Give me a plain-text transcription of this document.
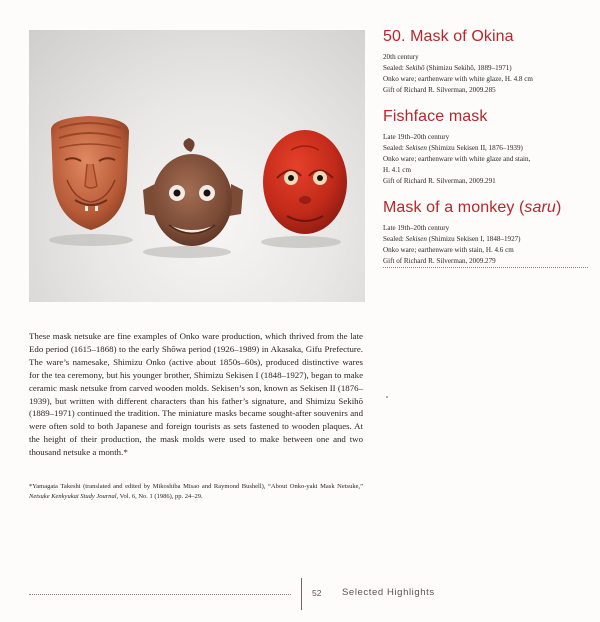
50. Mask of Okina

20th century

Sealed: Sekihō (Shimizu Sekihō, 1889–1971)

Onko ware; earthenware with white glaze, H. 4.8 cm

Gift of Richard R. Silverman, 2009.285

Fishface mask

Late 19th–20th century

Sealed: Sekisen (Shimizu Sekisen II, 1876–1939)

Onko ware; earthenware with white glaze and stain,

H. 4.1 cm

Gift of Richard R. Silverman, 2009.291

Mask of a monkey (saru)

Late 19th–20th century

Sealed: Sekisen (Shimizu Sekisen I, 1848–1927)

Onko ware; earthenware with stain, H. 4.6 cm

Gift of Richard R. Silverman, 2009.279

These mask netsuke are fine examples of Onko ware production, which thrived from the late Edo period (1615–1868) to the early Shōwa period (1926–1989) in Akasaka, Gifu Prefecture. The ware’s namesake, Shimizu Onko (active about 1850s–60s), produced distinctive wares for the tea ceremony, but his younger brother, Shimizu Sekisen I (1848–1927), began to make ceramic mask netsuke from carved wooden molds. Sekisen’s son, known as Sekisen II (1876–1939), but written with different characters than his father’s signature, and Shimizu Sekihō (1889–1971) continued the tradition. The miniature masks became sought-after souvenirs and were often sold to both Japanese and foreign tourists as sets fastened to wooden plaques. At the height of their production, the mask molds were used to make between one and two thousand netsuke a month.*

*Yamagata Takeshi (translated and edited by Mikoshiba Misao and Raymond Bushell), “About Onko-yaki Mask Netsuke,” Netsuke Kenkyukai Study Journal, Vol. 6, No. 1 (1986), pp. 24–29.
52 Selected Highlights
